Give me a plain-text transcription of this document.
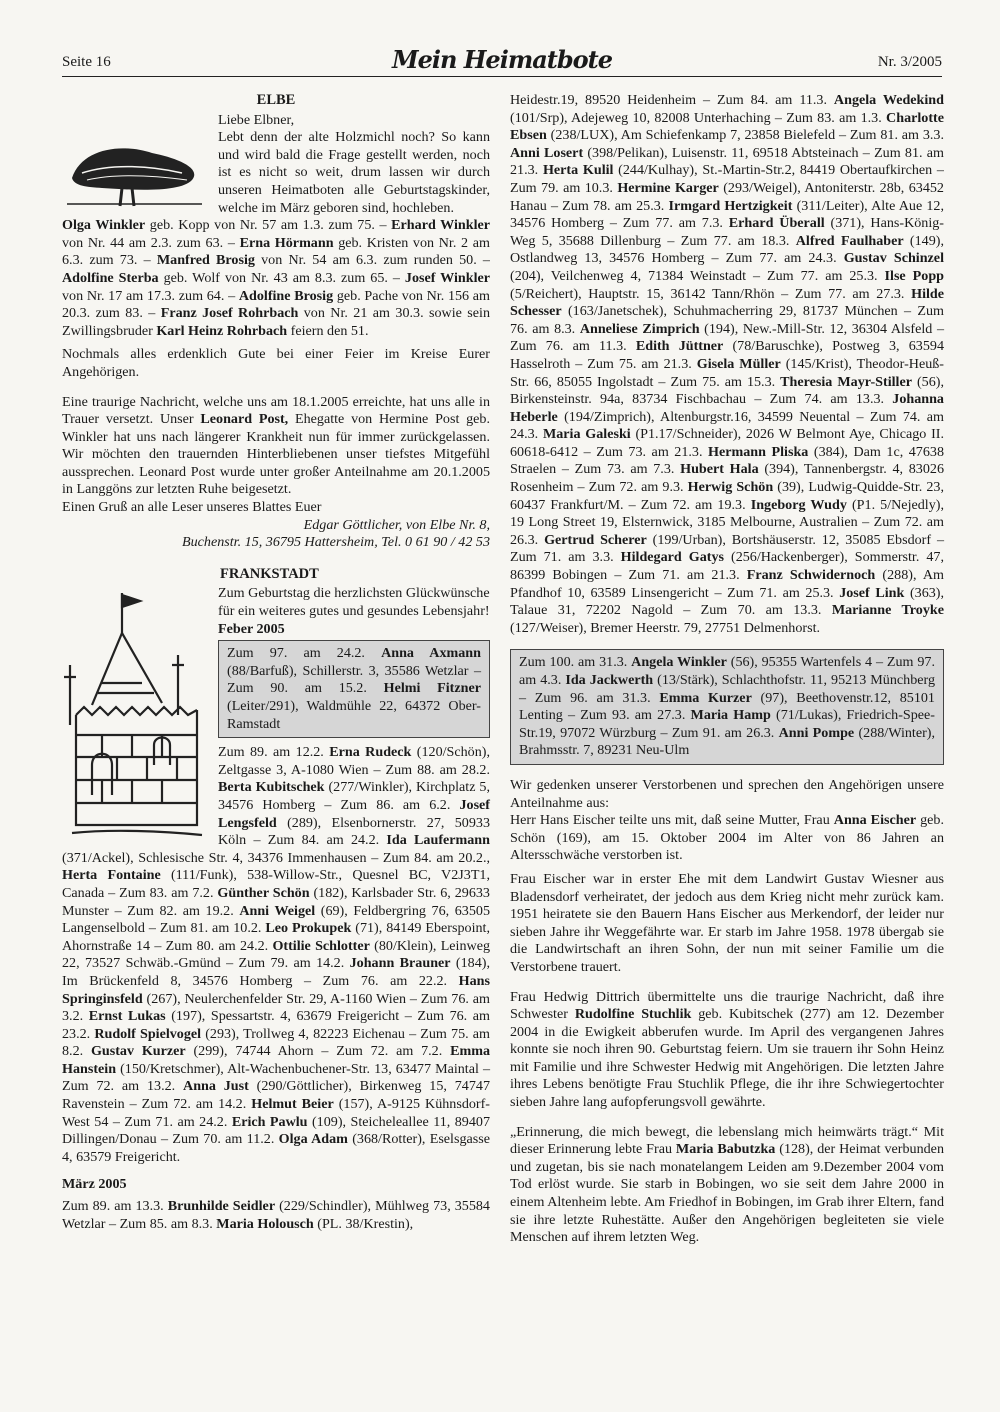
Seite 16	Mein Heimatbote	Nr. 3/2005
ELBE

Liebe Elbner,

Lebt denn der alte Holzmichl noch? So kann und wird bald die Frage gestellt werden, noch ist es nicht so weit, drum lassen wir durch unseren Heimatboten alle Geburtstagskinder, welche im März geboren sind, hochleben.

Olga Winkler geb. Kopp von Nr. 57 am 1.3. zum 75. – Erhard Winkler von Nr. 44 am 2.3. zum 63. – Erna Hörmann geb. Kristen von Nr. 2 am 6.3. zum 73. – Manfred Brosig von Nr. 54 am 6.3. zum runden 50. – Adolfine Sterba geb. Wolf von Nr. 43 am 8.3. zum 65. – Josef Winkler von Nr. 17 am 17.3. zum 64. – Adolfine Brosig geb. Pache von Nr. 156 am 20.3. zum 83. – Franz Josef Rohrbach von Nr. 21 am 30.3. sowie sein Zwillingsbruder Karl Heinz Rohrbach feiern den 51.

Nochmals alles erdenklich Gute bei einer Feier im Kreise Eurer Angehörigen.

Eine traurige Nachricht, welche uns am 18.1.2005 erreichte, hat uns alle in Trauer versetzt. Unser Leonard Post, Ehegatte von Hermine Post geb. Winkler hat uns nach längerer Krankheit nun für immer zurückgelassen. Wir möchten den trauernden Hinterbliebenen unser tiefstes Mitgefühl aussprechen. Leonard Post wurde unter großer Anteilnahme am 20.1.2005 in Langgöns zur letzten Ruhe beigesetzt.

Einen Gruß an alle Leser unseres Blattes Euer

Edgar Göttlicher, von Elbe Nr. 8,

Buchenstr. 15, 36795 Hattersheim, Tel. 0 61 90 / 42 53

FRANKSTADT

Zum Geburtstag die herzlichsten Glückwünsche für ein weiteres gutes und gesundes Lebensjahr!

Feber 2005

Zum 97. am 24.2. Anna Axmann (88/Barfuß), Schillerstr. 3, 35586 Wetzlar – Zum 90. am 15.2. Helmi Fitzner (Leiter/291), Waldmühle 22, 64372 Ober-Ramstadt

Zum 89. am 12.2. Erna Rudeck (120/Schön), Zeltgasse 3, A-1080 Wien – Zum 88. am 28.2. Berta Kubitschek (277/Winkler), Kirchplatz 5, 34576 Homberg – Zum 86. am 6.2. Josef Lengsfeld (289), Elsenbornerstr. 27, 50933 Köln – Zum 84. am 24.2. Ida Laufermann (371/Ackel), Schlesische Str. 4, 34376 Immenhausen – Zum 84. am 20.2., Herta Fontaine (111/Funk), 538-Willow-Str., Quesnel BC, V2J3T1, Canada – Zum 83. am 7.2. Günther Schön (182), Karlsbader Str. 6, 29633 Munster – Zum 82. am 19.2. Anni Weigel (69), Feldbergring 76, 63505 Langenselbold – Zum 81. am 10.2. Leo Prokupek (71), 84149 Eberspoint, Ahornstraße 14 – Zum 80. am 24.2. Ottilie Schlotter (80/Klein), Leinweg 22, 73527 Schwäb.-Gmünd – Zum 79. am 14.2. Johann Brauner (184), Im Brückenfeld 8, 34576 Homberg – Zum 76. am 22.2. Hans Springinsfeld (267), Neulerchenfelder Str. 29, A-1160 Wien – Zum 76. am 3.2. Ernst Lukas (197), Spessartstr. 4, 63679 Freigericht – Zum 76. am 23.2. Rudolf Spielvogel (293), Trollweg 4, 82223 Eichenau – Zum 75. am 8.2. Gustav Kurzer (299), 74744 Ahorn – Zum 72. am 7.2. Emma Hanstein (150/Kretschmer), Alt-Wachenbuchener-Str. 13, 63477 Maintal – Zum 72. am 13.2. Anna Just (290/Göttlicher), Birkenweg 15, 74747 Ravenstein – Zum 72. am 14.2. Helmut Beier (157), A-9125 Kühnsdorf-West 54 – Zum 71. am 24.2. Erich Pawlu (109), Steicheleallee 11, 89407 Dillingen/Donau – Zum 70. am 11.2. Olga Adam (368/Rotter), Eselsgasse 4, 63579 Freigericht.

März 2005

Zum 89. am 13.3. Brunhilde Seidler (229/Schindler), Mühlweg 73, 35584 Wetzlar – Zum 85. am 8.3. Maria Holousch (PL. 38/Krestin),

Heidestr.19, 89520 Heidenheim – Zum 84. am 11.3. Angela Wedekind (101/Srp), Adejeweg 10, 82008 Unterhaching – Zum 83. am 1.3. Charlotte Ebsen (238/LUX), Am Schiefenkamp 7, 23858 Bielefeld – Zum 81. am 3.3. Anni Losert (398/Pelikan), Luisenstr. 11, 69518 Abtsteinach – Zum 81. am 21.3. Herta Kulil (244/Kulhay), St.-Martin-Str.2, 84419 Obertaufkirchen – Zum 79. am 10.3. Hermine Karger (293/Weigel), Antoniterstr. 28b, 63452 Hanau – Zum 78. am 25.3. Irmgard Hertzigkeit (311/Leiter), Alte Aue 12, 34576 Homberg – Zum 77. am 7.3. Erhard Überall (371), Hans-König-Weg 5, 35688 Dillenburg – Zum 77. am 18.3. Alfred Faulhaber (149), Ostlandweg 13, 34576 Homberg – Zum 77. am 24.3. Gustav Schinzel (204), Veilchenweg 4, 71384 Weinstadt – Zum 77. am 25.3. Ilse Popp (5/Reichert), Hauptstr. 15, 36142 Tann/Rhön – Zum 77. am 27.3. Hilde Schesser (163/Janetschek), Schuhmacherring 29, 81737 München – Zum 76. am 8.3. Anneliese Zimprich (194), New.-Mill-Str. 12, 36304 Alsfeld – Zum 76. am 11.3. Edith Jüttner (78/Baruschke), Postweg 3, 63594 Hasselroth – Zum 75. am 21.3. Gisela Müller (145/Krist), Theodor-Heuß-Str. 66, 85055 Ingolstadt – Zum 75. am 15.3. Theresia Mayr-Stiller (56), Birkensteinstr. 94a, 83734 Fischbachau – Zum 74. am 13.3. Johanna Heberle (194/Zimprich), Altenburgstr.16, 34599 Neuental – Zum 74. am 24.3. Maria Galeski (P1.17/Schneider), 2026 W Belmont Aye, Chicago II. 60618-6412 – Zum 73. am 21.3. Hermann Pliska (384), Dam 1c, 47638 Straelen – Zum 73. am 7.3. Hubert Hala (394), Tannenbergstr. 4, 83026 Rosenheim – Zum 72. am 9.3. Herwig Schön (39), Ludwig-Quidde-Str. 23, 60437 Frankfurt/M. – Zum 72. am 19.3. Ingeborg Wudy (P1. 5/Nejedly), 19 Long Street 19, Elsternwick, 3185 Melbourne, Australien – Zum 72. am 26.3. Gertrud Scherer (199/Urban), Bortshäuserstr. 12, 35085 Ebsdorf – Zum 71. am 3.3. Hildegard Gatys (256/Hackenberger), Sommerstr. 47, 86399 Bobingen – Zum 71. am 21.3. Franz Schwidernoch (288), Am Pfandhof 10, 63589 Linsengericht – Zum 71. am 25.3. Josef Link (363), Talaue 31, 72202 Nagold – Zum 70. am 13.3. Marianne Troyke (127/Weiser), Bremer Heerstr. 79, 27751 Delmenhorst.

Zum 100. am 31.3. Angela Winkler (56), 95355 Wartenfels 4 – Zum 97. am 4.3. Ida Jackwerth (13/Stärk), Schlachthofstr. 11, 95213 Münchberg – Zum 96. am 31.3. Emma Kurzer (97), Beethovenstr.12, 85101 Lenting – Zum 93. am 27.3. Maria Hamp (71/Lukas), Friedrich-Spee-Str.19, 97072 Würzburg – Zum 91. am 26.3. Anni Pompe (288/Winter), Brahmsstr. 7, 89231 Neu-Ulm

Wir gedenken unserer Verstorbenen und sprechen den Angehörigen unsere Anteilnahme aus:

Herr Hans Eischer teilte uns mit, daß seine Mutter, Frau Anna Eischer geb. Schön (169), am 15. Oktober 2004 im Alter von 86 Jahren an Altersschwäche verstorben ist.

Frau Eischer war in erster Ehe mit dem Landwirt Gustav Wiesner aus Bladensdorf verheiratet, der jedoch aus dem Krieg nicht mehr zurück kam. 1951 heiratete sie den Bauern Hans Eischer aus Merkendorf, der leider nur sieben Jahre ihr Weggefährte war. Er starb im Jahre 1958. 1978 übergab sie die Landwirtschaft an ihren Sohn, der nun mit seiner Familie um die Verstorbene trauert.

Frau Hedwig Dittrich übermittelte uns die traurige Nachricht, daß ihre Schwester Rudolfine Stuchlik geb. Kubitschek (277) am 12. Dezember 2004 in die Ewigkeit abberufen wurde. Im April des vergangenen Jahres konnte sie noch ihren 90. Geburtstag feiern. Um sie trauern ihr Sohn Heinz mit Familie und ihre Schwester Hedwig mit Angehörigen. Die letzten Jahre ihres Lebens benötigte Frau Stuchlik Pflege, die ihr ihre Schwiegertochter sieben Jahre lang aufopferungsvoll gewährte.

„Erinnerung, die mich bewegt, die lebenslang mich heimwärts trägt.“ Mit dieser Erinnerung lebte Frau Maria Babutzka (128), der Heimat verbunden und zugetan, bis sie nach monatelangem Leiden am 9.Dezember 2004 vom Tod erlöst wurde. Sie starb in Bobingen, wo sie seit dem Jahre 2000 in einem Altenheim lebte. Am Friedhof in Bobingen, im Grab ihrer Eltern, fand sie ihre letzte Ruhestätte. Außer den Angehörigen begleiteten sie viele Menschen auf ihrem letzten Weg.
